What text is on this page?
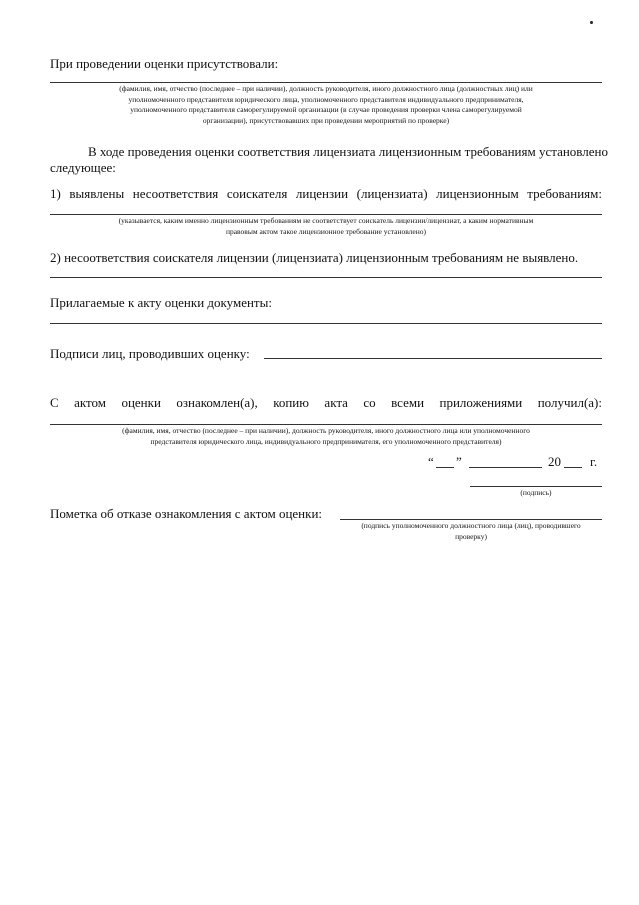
При проведении оценки присутствовали:
(фамилия, имя, отчество (последнее – при наличии), должность руководителя, иного должностного лица (должностных лиц) или
уполномоченного представителя юридического лица, уполномоченного представителя индивидуального предпринимателя,
уполномоченного представителя саморегулируемой организации (в случае проведения проверки члена саморегулируемой
организации), присутствовавших при проведении мероприятий по проверке)
В ходе проведения оценки соответствия лицензиата лицензионным требованиям установлено
следующее:
1) выявлены несоответствия соискателя лицензии (лицензиата) лицензионным требованиям:
(указывается, каким именно лицензионным требованиям не соответствует соискатель лицензии/лицензиат, а каким нормативным
правовым актом такое лицензионное требование установлено)
2) несоответствия соискателя лицензии (лицензиата) лицензионным требованиям не выявлено.
Прилагаемые к акту оценки документы:
Подписи лиц, проводивших оценку:
С актом оценки ознакомлен(а), копию акта со всеми приложениями получил(а):
(фамилия, имя, отчество (последнее – при наличии), должность руководителя, иного должностного лица или уполномоченного
представителя юридического лица, индивидуального предпринимателя, его уполномоченного представителя)
“ ”	20 г.
(подпись)
Пометка об отказе ознакомления с актом оценки:
(подпись уполномоченного должностного лица (лиц), проводившего
проверку)
